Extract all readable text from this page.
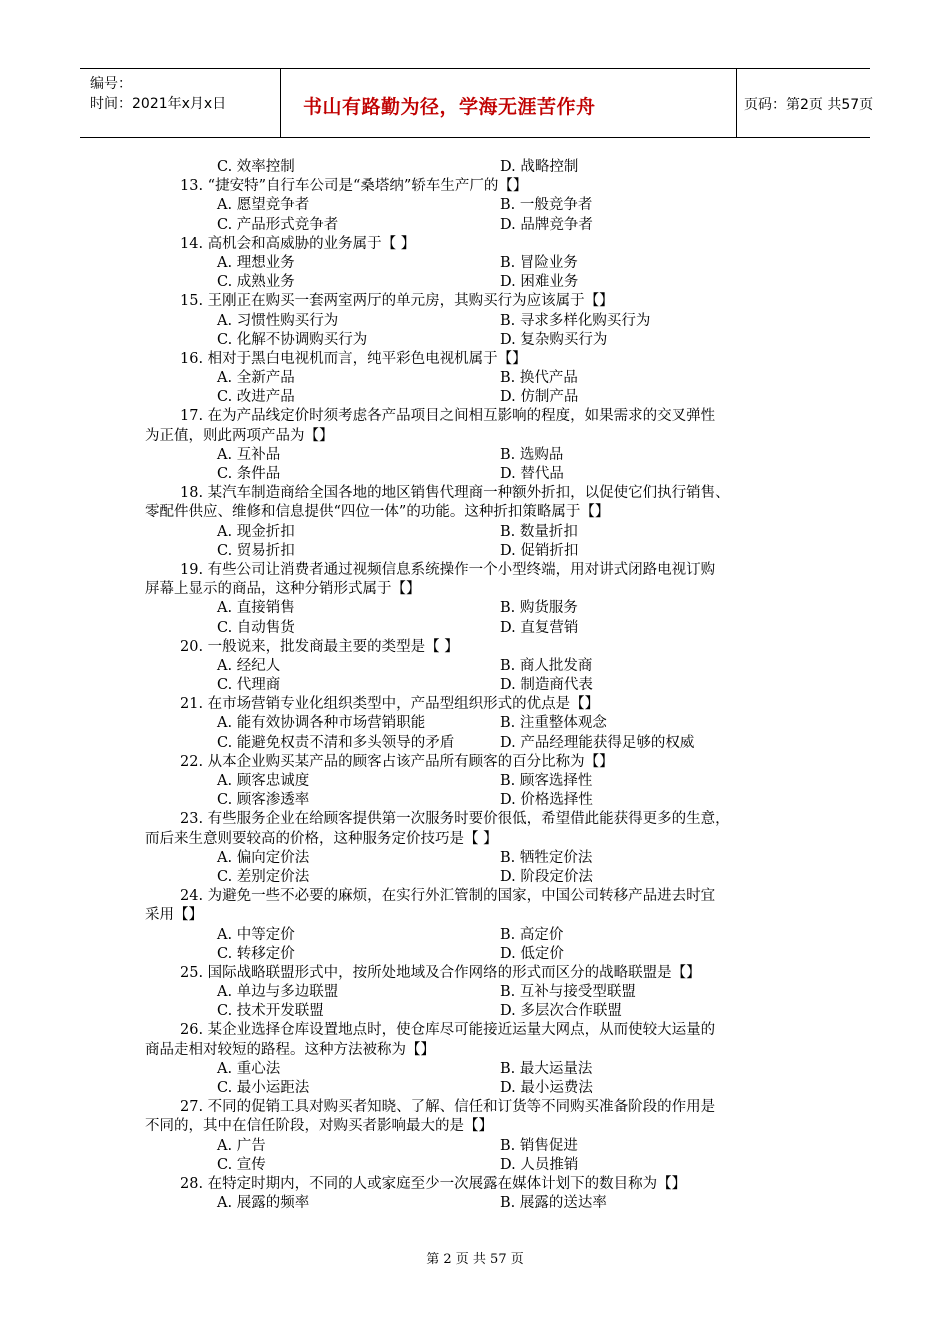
编号：
时间：2021年x月x日	书山有路勤为径，学海无涯苦作舟	页码：第2页 共57页
C. 效率控制	D. 战略控制
13. “捷安特”自行车公司是“桑塔纳”轿车生产厂的【】
A. 愿望竞争者	B. 一般竞争者
C. 产品形式竞争者	D. 品牌竞争者
14. 高机会和高威胁的业务属于【 】
A. 理想业务	B. 冒险业务
C. 成熟业务	D. 困难业务
15. 王刚正在购买一套两室两厅的单元房，其购买行为应该属于【】
A. 习惯性购买行为	B. 寻求多样化购买行为
C. 化解不协调购买行为	D. 复杂购买行为
16. 相对于黑白电视机而言，纯平彩色电视机属于【】
A. 全新产品	B. 换代产品
C. 改进产品	D. 仿制产品
17. 在为产品线定价时须考虑各产品项目之间相互影响的程度，如果需求的交叉弹性
为正值，则此两项产品为【】
A. 互补品	B. 选购品
C. 条件品	D. 替代品
18. 某汽车制造商给全国各地的地区销售代理商一种额外折扣，以促使它们执行销售、
零配件供应、维修和信息提供“四位一体”的功能。这种折扣策略属于【】
A. 现金折扣	B. 数量折扣
C. 贸易折扣	D. 促销折扣
19. 有些公司让消费者通过视频信息系统操作一个小型终端，用对讲式闭路电视订购
屏幕上显示的商品，这种分销形式属于【】
A. 直接销售	B. 购货服务
C. 自动售货	D. 直复营销
20. 一般说来，批发商最主要的类型是【 】
A. 经纪人	B. 商人批发商
C. 代理商	D. 制造商代表
21. 在市场营销专业化组织类型中，产品型组织形式的优点是【】
A. 能有效协调各种市场营销职能	B. 注重整体观念
C. 能避免权责不清和多头领导的矛盾	D. 产品经理能获得足够的权威
22. 从本企业购买某产品的顾客占该产品所有顾客的百分比称为【】
A. 顾客忠诚度	B. 顾客选择性
C. 顾客渗透率	D. 价格选择性
23. 有些服务企业在给顾客提供第一次服务时要价很低，希望借此能获得更多的生意，
而后来生意则要较高的价格，这种服务定价技巧是【 】
A. 偏向定价法	B. 牺牲定价法
C. 差别定价法	D. 阶段定价法
24. 为避免一些不必要的麻烦，在实行外汇管制的国家，中国公司转移产品进去时宜
采用【】
A. 中等定价	B. 高定价
C. 转移定价	D. 低定价
25. 国际战略联盟形式中，按所处地域及合作网络的形式而区分的战略联盟是【】
A. 单边与多边联盟	B. 互补与接受型联盟
C. 技术开发联盟	D. 多层次合作联盟
26. 某企业选择仓库设置地点时，使仓库尽可能接近运量大网点，从而使较大运量的
商品走相对较短的路程。这种方法被称为【】
A. 重心法	B. 最大运量法
C. 最小运距法	D. 最小运费法
27. 不同的促销工具对购买者知晓、了解、信任和订货等不同购买准备阶段的作用是
不同的，其中在信任阶段，对购买者影响最大的是【】
A. 广告	B. 销售促进
C. 宣传	D. 人员推销
28. 在特定时期内，不同的人或家庭至少一次展露在媒体计划下的数目称为【】
A. 展露的频率	B. 展露的送达率
第 2 页 共 57 页
